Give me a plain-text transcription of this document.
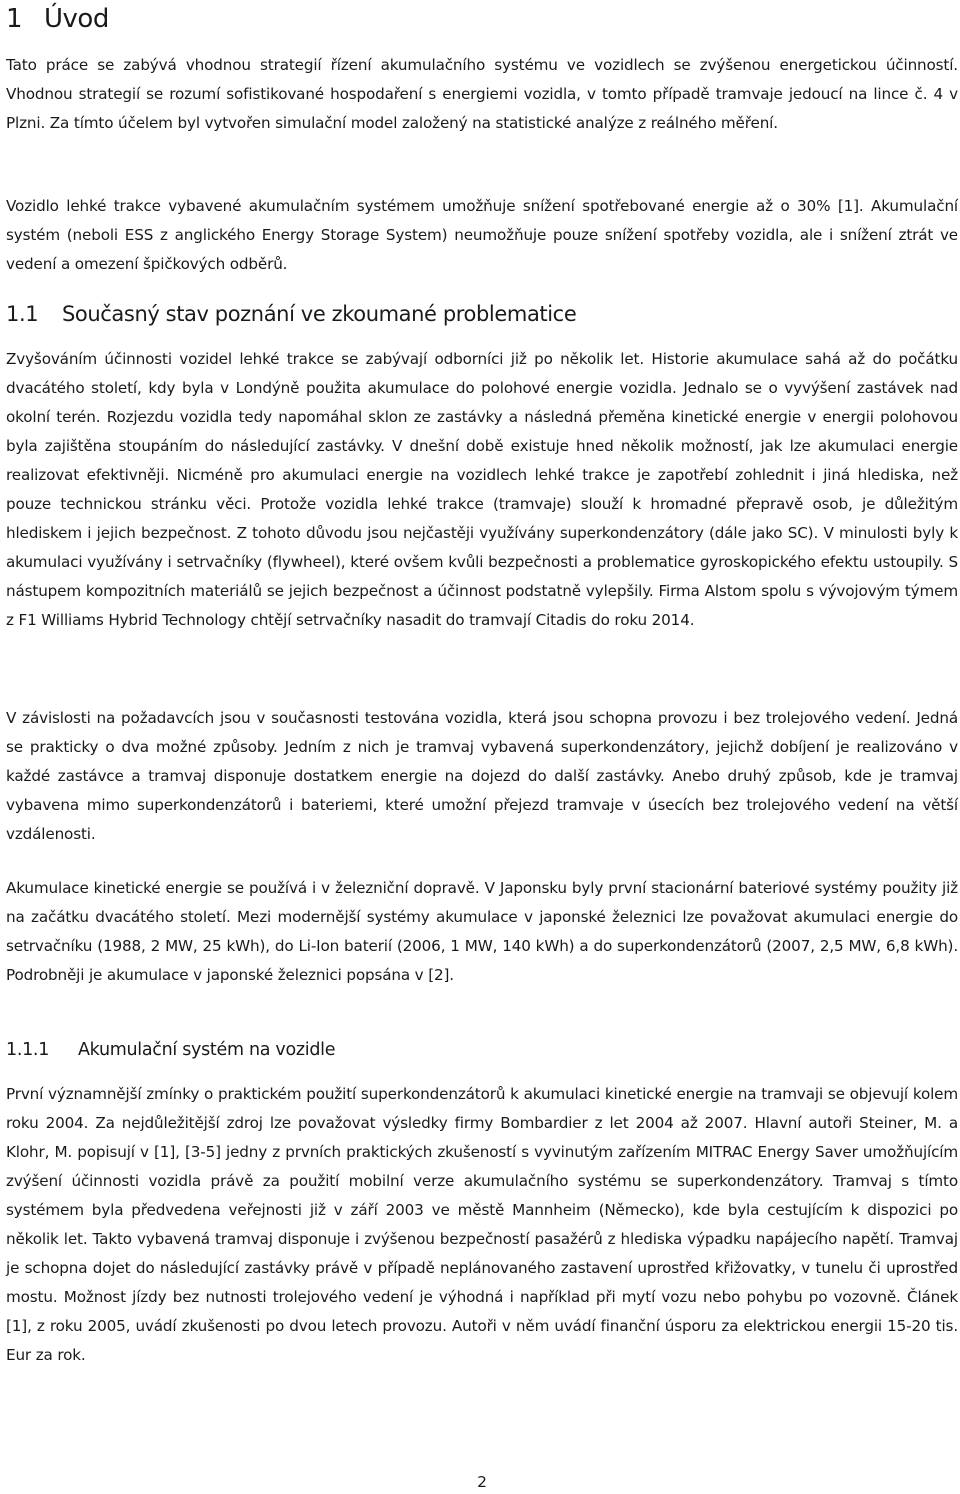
1 Úvod

Tato práce se zabývá vhodnou strategií řízení akumulačního systému ve vozidlech se zvýšenou energetickou účinností. Vhodnou strategií se rozumí sofistikované hospodaření s energiemi vozidla, v tomto případě tramvaje jedoucí na lince č. 4 v Plzni. Za tímto účelem byl vytvořen simulační model založený na statistické analýze z reálného měření.

Vozidlo lehké trakce vybavené akumulačním systémem umožňuje snížení spotřebované energie až o 30% [1]. Akumulační systém (neboli ESS z anglického Energy Storage System) neumožňuje pouze snížení spotřeby vozidla, ale i snížení ztrát ve vedení a omezení špičkových odběrů.

1.1 Současný stav poznání ve zkoumané problematice

Zvyšováním účinnosti vozidel lehké trakce se zabývají odborníci již po několik let. Historie akumulace sahá až do počátku dvacátého století, kdy byla v Londýně použita akumulace do polohové energie vozidla. Jednalo se o vyvýšení zastávek nad okolní terén. Rozjezdu vozidla tedy napomáhal sklon ze zastávky a následná přeměna kinetické energie v energii polohovou byla zajištěna stoupáním do následující zastávky. V dnešní době existuje hned několik možností, jak lze akumulaci energie realizovat efektivněji. Nicméně pro akumulaci energie na vozidlech lehké trakce je zapotřebí zohlednit i jiná hlediska, než pouze technickou stránku věci. Protože vozidla lehké trakce (tramvaje) slouží k hromadné přepravě osob, je důležitým hlediskem i jejich bezpečnost. Z tohoto důvodu jsou nejčastěji využívány superkondenzátory (dále jako SC). V minulosti byly k akumulaci využívány i setrvačníky (flywheel), které ovšem kvůli bezpečnosti a problematice gyroskopického efektu ustoupily. S nástupem kompozitních materiálů se jejich bezpečnost a účinnost podstatně vylepšily. Firma Alstom spolu s vývojovým týmem z F1 Williams Hybrid Technology chtějí setrvačníky nasadit do tramvají Citadis do roku 2014.

V závislosti na požadavcích jsou v současnosti testována vozidla, která jsou schopna provozu i bez trolejového vedení. Jedná se prakticky o dva možné způsoby. Jedním z nich je tramvaj vybavená superkondenzátory, jejichž dobíjení je realizováno v každé zastávce a tramvaj disponuje dostatkem energie na dojezd do další zastávky. Anebo druhý způsob, kde je tramvaj vybavena mimo superkondenzátorů i bateriemi, které umožní přejezd tramvaje v úsecích bez trolejového vedení na větší vzdálenosti.

Akumulace kinetické energie se používá i v železniční dopravě. V Japonsku byly první stacionární bateriové systémy použity již na začátku dvacátého století. Mezi modernější systémy akumulace v japonské železnici lze považovat akumulaci energie do setrvačníku (1988, 2 MW, 25 kWh), do Li-Ion baterií (2006, 1 MW, 140 kWh) a do superkondenzátorů (2007, 2,5 MW, 6,8 kWh). Podrobněji je akumulace v japonské železnici popsána v [2].

1.1.1 Akumulační systém na vozidle

První významnější zmínky o praktickém použití superkondenzátorů k akumulaci kinetické energie na tramvaji se objevují kolem roku 2004. Za nejdůležitější zdroj lze považovat výsledky firmy Bombardier z let 2004 až 2007. Hlavní autoři Steiner, M. a Klohr, M. popisují v [1], [3-5] jedny z prvních praktických zkušeností s vyvinutým zařízením MITRAC Energy Saver umožňujícím zvýšení účinnosti vozidla právě za použití mobilní verze akumulačního systému se superkondenzátory. Tramvaj s tímto systémem byla předvedena veřejnosti již v září 2003 ve městě Mannheim (Německo), kde byla cestujícím k dispozici po několik let. Takto vybavená tramvaj disponuje i zvýšenou bezpečností pasažérů z hlediska výpadku napájecího napětí. Tramvaj je schopna dojet do následující zastávky právě v případě neplánovaného zastavení uprostřed křižovatky, v tunelu či uprostřed mostu. Možnost jízdy bez nutnosti trolejového vedení je výhodná i například při mytí vozu nebo pohybu po vozovně. Článek [1], z roku 2005, uvádí zkušenosti po dvou letech provozu. Autoři v něm uvádí finanční úsporu za elektrickou energii 15-20 tis. Eur za rok.

2
